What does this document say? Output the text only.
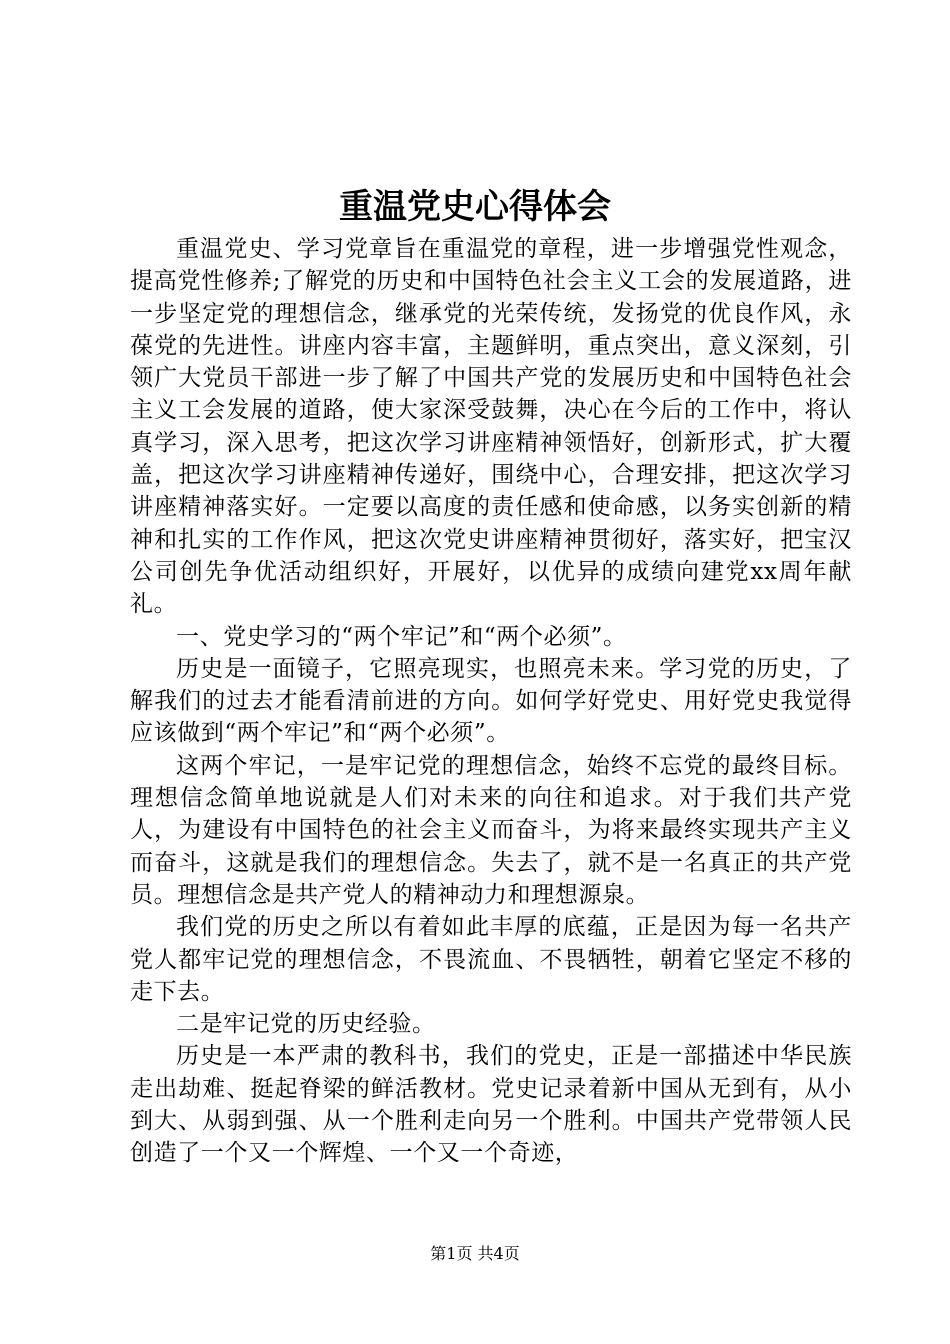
重温党史心得体会

重温党史、学习党章旨在重温党的章程，进一步增强党性观念，提高党性修养;了解党的历史和中国特色社会主义工会的发展道路，进一步坚定党的理想信念，继承党的光荣传统，发扬党的优良作风，永葆党的先进性。讲座内容丰富，主题鲜明，重点突出，意义深刻，引领广大党员干部进一步了解了中国共产党的发展历史和中国特色社会主义工会发展的道路，使大家深受鼓舞，决心在今后的工作中，将认真学习，深入思考，把这次学习讲座精神领悟好，创新形式，扩大覆盖，把这次学习讲座精神传递好，围绕中心，合理安排，把这次学习讲座精神落实好。一定要以高度的责任感和使命感，以务实创新的精神和扎实的工作作风，把这次党史讲座精神贯彻好，落实好，把宝汉公司创先争优活动组织好，开展好，以优异的成绩向建党xx周年献礼。

一、党史学习的“两个牢记”和“两个必须”。

历史是一面镜子，它照亮现实，也照亮未来。学习党的历史，了解我们的过去才能看清前进的方向。如何学好党史、用好党史我觉得应该做到“两个牢记”和“两个必须”。

这两个牢记，一是牢记党的理想信念，始终不忘党的最终目标。理想信念简单地说就是人们对未来的向往和追求。对于我们共产党人，为建设有中国特色的社会主义而奋斗，为将来最终实现共产主义而奋斗，这就是我们的理想信念。失去了，就不是一名真正的共产党员。理想信念是共产党人的精神动力和理想源泉。

我们党的历史之所以有着如此丰厚的底蕴，正是因为每一名共产党人都牢记党的理想信念，不畏流血、不畏牺牲，朝着它坚定不移的走下去。

二是牢记党的历史经验。

历史是一本严肃的教科书，我们的党史，正是一部描述中华民族走出劫难、挺起脊梁的鲜活教材。党史记录着新中国从无到有，从小到大、从弱到强、从一个胜利走向另一个胜利。中国共产党带领人民创造了一个又一个辉煌、一个又一个奇迹，

第1页 共4页
